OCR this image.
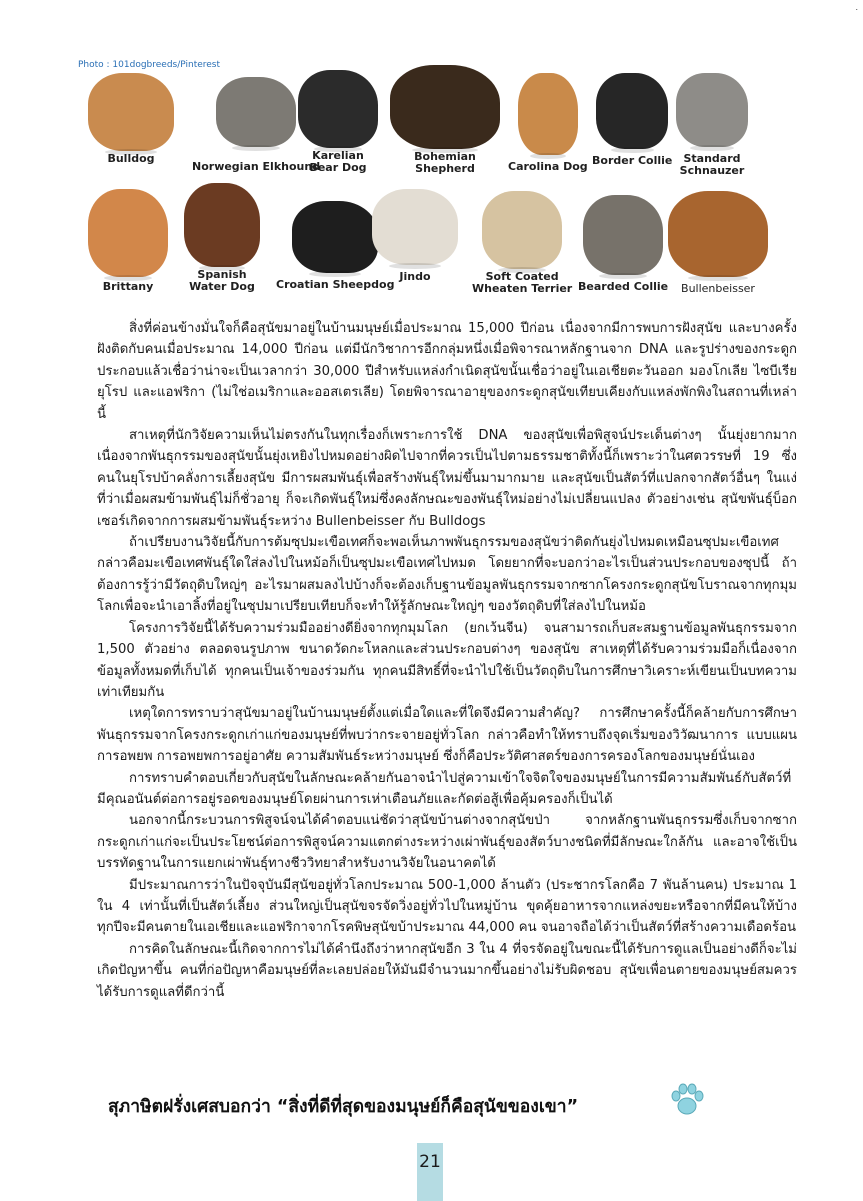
.
Photo : 101dogbreeds/Pinterest
Bulldog
Norwegian Elkhound
Karelian
Bear Dog
Bohemian
Shepherd	Carolina Dog Border Collie	Standard
Schnauzer
Brittany
Spanish
Water Dog Croatian Sheepdog
Jindo	Soft Coated
Wheaten Terrier Bearded Collie Bullenbeisser

สิ่งที่ค่อนข้างมั่นใจก็คือสุนัขมาอยู่ในบ้านมนุษย์เมื่อประมาณ 15,000 ปีก่อน เนื่องจากมีการพบการฝังสุนัข และบางครั้งฝังติดกับคนเมื่อประมาณ 14,000 ปีก่อน แต่มีนักวิชาการอีกกลุ่มหนึ่งเมื่อพิจารณาหลักฐานจาก DNA และรูปร่างของกระดูกประกอบแล้วเชื่อว่าน่าจะเป็นเวลากว่า 30,000 ปีสำหรับแหล่งกำเนิดสุนัขนั้นเชื่อว่าอยู่ในเอเชียตะวันออก มองโกเลีย ไซบีเรีย ยุโรป และแอฟริกา (ไม่ใช่อเมริกาและออสเตรเลีย) โดยพิจารณาอายุของกระดูกสุนัขเทียบเคียงกับแหล่งพักพิงในสถานที่เหล่านี้

สาเหตุที่นักวิจัยความเห็นไม่ตรงกันในทุกเรื่องก็เพราะการใช้ DNA ของสุนัขเพื่อพิสูจน์ประเด็นต่างๆ นั้นยุ่งยากมากเนื่องจากพันธุกรรมของสุนัขนั้นยุ่งเหยิงไปหมดอย่างผิดไปจากที่ควรเป็นไปตามธรรมชาติทั้งนี้ก็เพราะว่าในศตวรรษที่ 19 ซึ่งคนในยุโรปบ้าคลั่งการเลี้ยงสุนัข มีการผสมพันธุ์เพื่อสร้างพันธุ์ใหม่ขึ้นมามากมาย และสุนัขเป็นสัตว์ที่แปลกจากสัตว์อื่นๆ ในแง่ที่ว่าเมื่อผสมข้ามพันธุ์ไม่ก็ชั่วอายุ ก็จะเกิดพันธุ์ใหม่ซึ่งคงลักษณะของพันธุ์ใหม่อย่างไม่เปลี่ยนแปลง ตัวอย่างเช่น สุนัขพันธุ์บ็อกเซอร์เกิดจากการผสมข้ามพันธุ์ระหว่าง Bullenbeisser กับ Bulldogs

ถ้าเปรียบงานวิจัยนี้กับการต้มซุปมะเขือเทศก็จะพอเห็นภาพพันธุกรรมของสุนัขว่าติดกันยุ่งไปหมดเหมือนซุปมะเขือเทศ กล่าวคือมะเขือเทศพันธุ์ใดใส่ลงไปในหม้อก็เป็นซุปมะเขือเทศไปหมด โดยยากที่จะบอกว่าอะไรเป็นส่วนประกอบของซุปนี้ ถ้าต้องการรู้ว่ามีวัตถุดิบใหญ่ๆ อะไรมาผสมลงไปบ้างก็จะต้องเก็บฐานข้อมูลพันธุกรรมจากซากโครงกระดูกสุนัขโบราณจากทุกมุมโลกเพื่อจะนำเอาลิ้งที่อยู่ในซุปมาเปรียบเทียบก็จะทำให้รู้ลักษณะใหญ่ๆ ของวัตถุดิบที่ใส่ลงไปในหม้อ

โครงการวิจัยนี้ได้รับความร่วมมืออย่างดียิ่งจากทุกมุมโลก (ยกเว้นจีน) จนสามารถเก็บสะสมฐานข้อมูลพันธุกรรมจาก 1,500 ตัวอย่าง ตลอดจนรูปภาพ ขนาดวัดกะโหลกและส่วนประกอบต่างๆ ของสุนัข สาเหตุที่ได้รับความร่วมมือก็เนื่องจากข้อมูลทั้งหมดที่เก็บได้ ทุกคนเป็นเจ้าของร่วมกัน ทุกคนมีสิทธิ์ที่จะนำไปใช้เป็นวัตถุดิบในการศึกษาวิเคราะห์เขียนเป็นบทความเท่าเทียมกัน

เหตุใดการทราบว่าสุนัขมาอยู่ในบ้านมนุษย์ตั้งแต่เมื่อใดและที่ใดจึงมีความสำคัญ? การศึกษาครั้งนี้ก็คล้ายกับการศึกษาพันธุกรรมจากโครงกระดูกเก่าแก่ของมนุษย์ที่พบว่ากระจายอยู่ทั่วโลก กล่าวคือทำให้ทราบถึงจุดเริ่มของวิวัฒนาการ แบบแผนการอพยพ การอพยพการอยู่อาศัย ความสัมพันธ์ระหว่างมนุษย์ ซึ่งก็คือประวัติศาสตร์ของการครองโลกของมนุษย์นั่นเอง

การทราบคำตอบเกี่ยวกับสุนัขในลักษณะคล้ายกันอาจนำไปสู่ความเข้าใจจิตใจของมนุษย์ในการมีความสัมพันธ์กับสัตว์ที่มีคุณอนันต์ต่อการอยู่รอดของมนุษย์โดยผ่านการเห่าเตือนภัยและกัดต่อสู้เพื่อคุ้มครองก็เป็นได้

นอกจากนี้กระบวนการพิสูจน์จนได้คำตอบแน่ชัดว่าสุนัขบ้านต่างจากสุนัขป่า จากหลักฐานพันธุกรรมซึ่งเก็บจากซากกระดูกเก่าแก่จะเป็นประโยชน์ต่อการพิสูจน์ความแตกต่างระหว่างเผ่าพันธุ์ของสัตว์บางชนิดที่มีลักษณะใกล้กัน และอาจใช้เป็นบรรทัดฐานในการแยกเผ่าพันธุ์ทางชีววิทยาสำหรับงานวิจัยในอนาคตได้

มีประมาณการว่าในปัจจุบันมีสุนัขอยู่ทั่วโลกประมาณ 500-1,000 ล้านตัว (ประชากรโลกคือ 7 พันล้านคน) ประมาณ 1 ใน 4 เท่านั้นที่เป็นสัตว์เลี้ยง ส่วนใหญ่เป็นสุนัขจรจัดวิ่งอยู่ทั่วไปในหมู่บ้าน ขุดคุ้ยอาหารจากแหล่งขยะหรือจากที่มีคนให้บ้าง ทุกปีจะมีคนตายในเอเชียและแอฟริกาจากโรคพิษสุนัขบ้าประมาณ 44,000 คน จนอาจถือได้ว่าเป็นสัตว์ที่สร้างความเดือดร้อน

การคิดในลักษณะนี้เกิดจากการไม่ได้คำนึงถึงว่าหากสุนัขอีก 3 ใน 4 ที่จรจัดอยู่ในขณะนี้ได้รับการดูแลเป็นอย่างดีก็จะไม่เกิดปัญหาขึ้น คนที่ก่อปัญหาคือมนุษย์ที่ละเลยปล่อยให้มันมีจำนวนมากขึ้นอย่างไม่รับผิดชอบ สุนัขเพื่อนตายของมนุษย์สมควรได้รับการดูแลที่ดีกว่านี้

สุภาษิตฝรั่งเศสบอกว่า “สิ่งที่ดีที่สุดของมนุษย์ก็คือสุนัขของเขา”
21
